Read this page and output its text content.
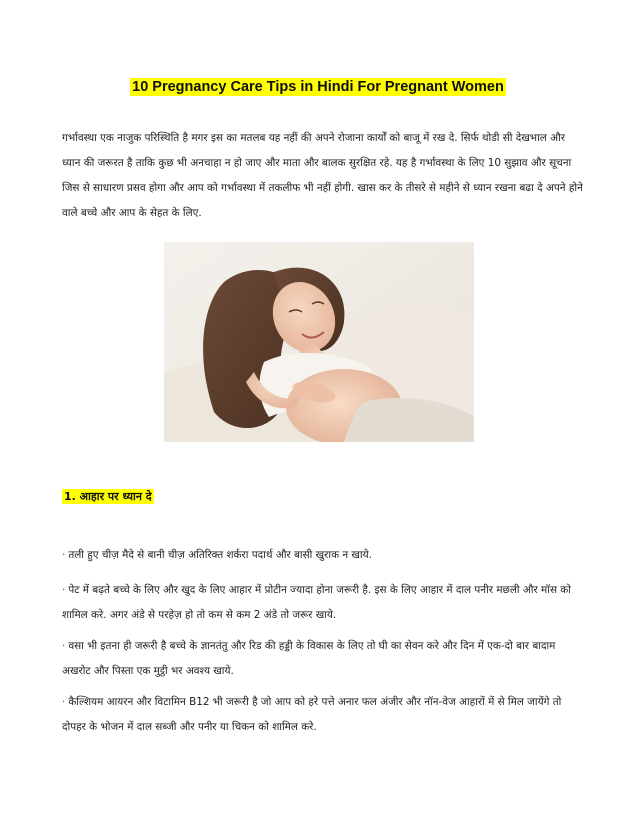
10 Pregnancy Care Tips in Hindi For Pregnant Women
गर्भावस्था एक नाजुक परिस्थिति है मगर इस का मतलब यह नहीं की अपने रोजाना कार्यों को बाजू में रख दे. सिर्फ थोडी सी देखभाल और ध्यान की जरूरत है ताकि कुछ भी अनचाहा न हो जाए और माता और बालक सुरक्षित रहे. यह है गर्भावस्था के लिए 10 सुझाव और सूचना जिस से साधारण प्रसव होगा और आप को गर्भावस्था में तकलीफ भी नहीं होगी. खास कर के तीसरे से महीने से ध्यान रखना बढा दे अपने होने वाले बच्चे और आप के सेहत के लिए.
1. आहार पर ध्यान दे
· तली हुए चीज़ मैदे से बानी चीज़ अतिरिक्त शर्करा पदार्थ और बासी खुराक न खाये.
· पेट में बढ़ते बच्चे के लिए और खुद के लिए आहार में प्रोटीन ज्यादा होना जरूरी है. इस के लिए आहार में दाल पनीर मछली और मॉस को शामिल करे. अगर अंडे से परहेज़ हो तो कम से कम 2 अंडे तो जरूर खाये.
· वसा भी इतना ही जरूरी है बच्चे के ज्ञानतंतु और रिड की हड्डी के विकास के लिए तो घी का सेवन करे और दिन में एक-दो बार बादाम अखरोट और पिस्ता एक मुट्ठी भर अवश्य खाये.
· कैल्शियम आयरन और विटामिन B12 भी जरूरी है जो आप को हरे पत्ते अनार फल अंजीर और नॉन-वेज आहारों में से मिल जायेंगे तो दोपहर के भोजन में दाल सब्जी और पनीर या चिकन को शामिल करे.
